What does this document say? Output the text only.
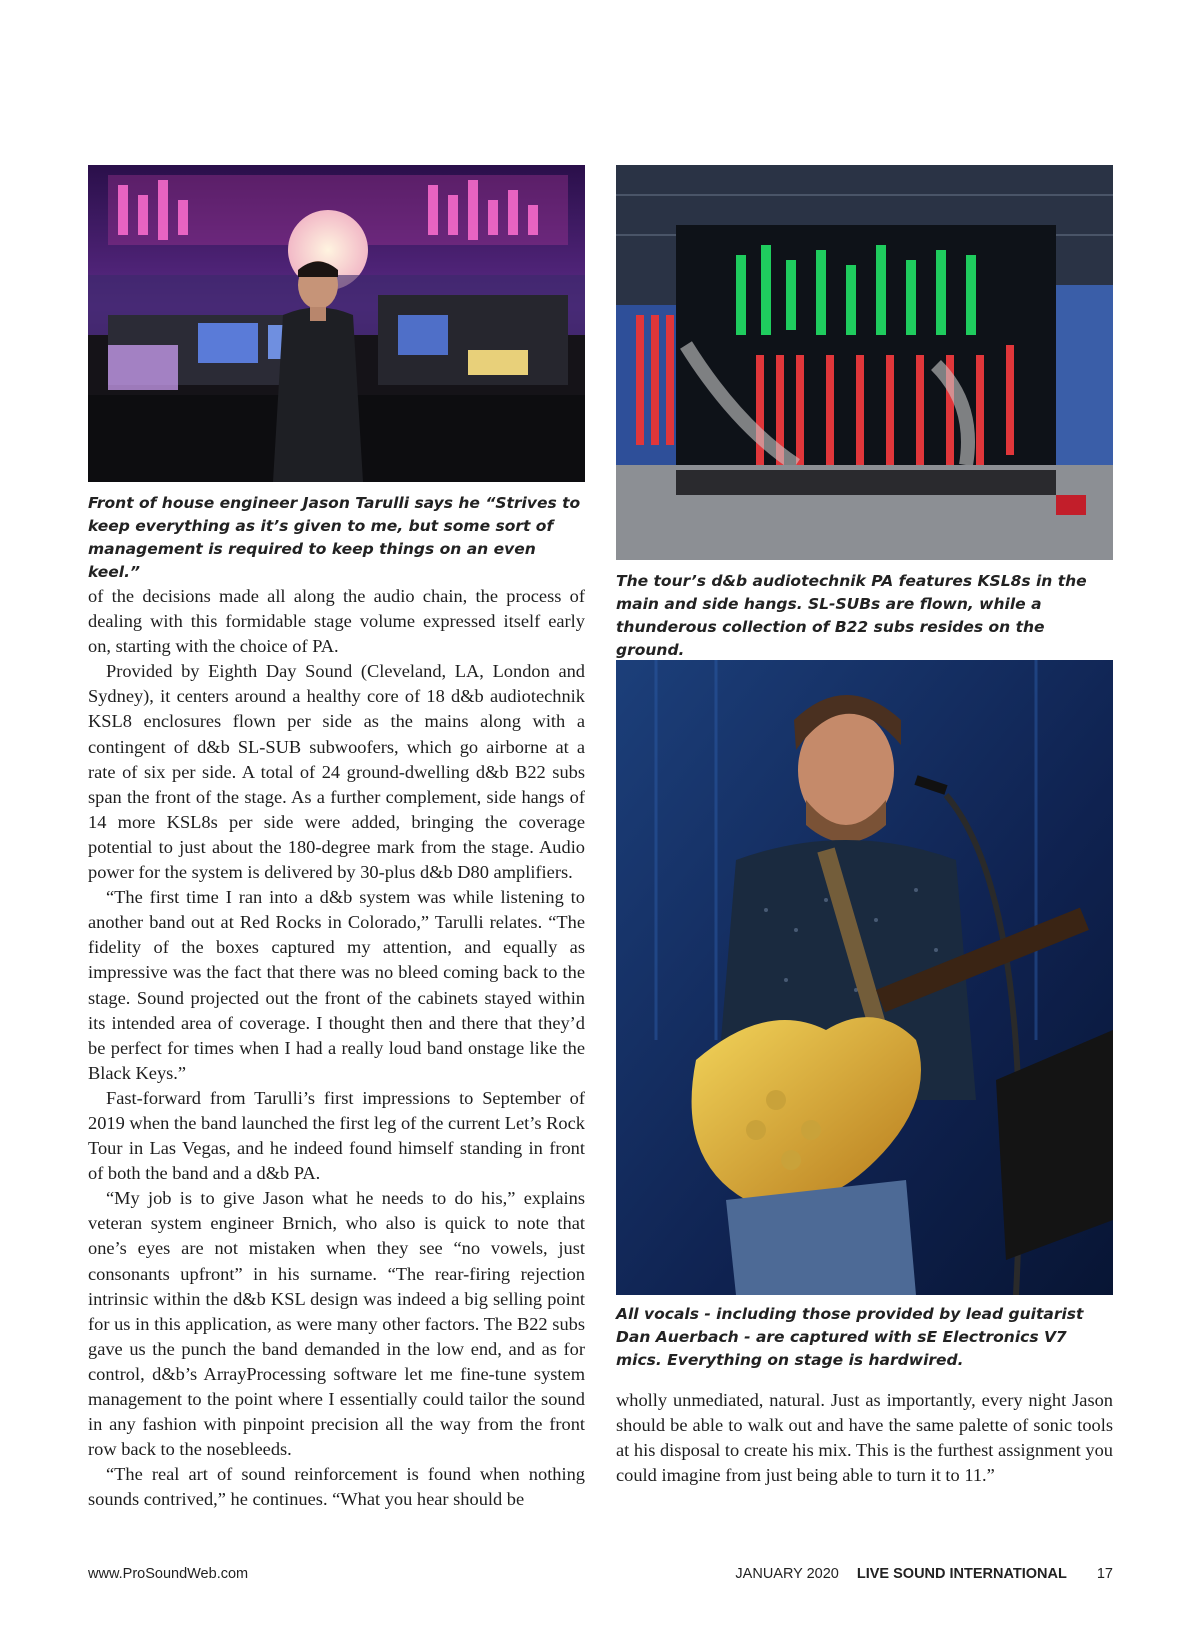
Front of house engineer Jason Tarulli says he “Strives to keep everything as it’s given to me, but some sort of management is required to keep things on an even keel.”	The tour’s d&b audiotechnik PA features KSL8s in the main and side hangs. SL-SUBs are flown, while a thunderous collection of B22 subs resides on the ground.

All vocals - including those provided by lead guitarist Dan Auerbach - are captured with sE Electronics V7 mics. Everything on stage is hardwired.

of the decisions made all along the audio chain, the process of dealing with this formidable stage volume expressed itself early on, starting with the choice of PA.

Provided by Eighth Day Sound (Cleveland, LA, London and Sydney), it centers around a healthy core of 18 d&b audiotechnik KSL8 enclosures flown per side as the mains along with a contingent of d&b SL-SUB subwoofers, which go airborne at a rate of six per side. A total of 24 ground-dwelling d&b B22 subs span the front of the stage. As a further complement, side hangs of 14 more KSL8s per side were added, bringing the coverage potential to just about the 180-degree mark from the stage. Audio power for the system is delivered by 30-plus d&b D80 amplifiers.

“The first time I ran into a d&b system was while listening to another band out at Red Rocks in Colorado,” Tarulli relates. “The fidelity of the boxes captured my attention, and equally as impressive was the fact that there was no bleed coming back to the stage. Sound projected out the front of the cabinets stayed within its intended area of coverage. I thought then and there that they’d be perfect for times when I had a really loud band onstage like the Black Keys.”

Fast-forward from Tarulli’s first impressions to September of 2019 when the band launched the first leg of the current Let’s Rock Tour in Las Vegas, and he indeed found himself standing in front of both the band and a d&b PA.

“My job is to give Jason what he needs to do his,” explains veteran system engineer Brnich, who also is quick to note that one’s eyes are not mistaken when they see “no vowels, just consonants upfront” in his surname. “The rear-firing rejection intrinsic within the d&b KSL design was indeed a big selling point for us in this application, as were many other factors. The B22 subs gave us the punch the band demanded in the low end, and as for control, d&b’s ArrayProcessing software let me fine-tune system management to the point where I essentially could tailor the sound in any fashion with pinpoint precision all the way from the front row back to the nosebleeds.

“The real art of sound reinforcement is found when nothing sounds contrived,” he continues. “What you hear should be

wholly unmediated, natural. Just as importantly, every night Jason should be able to walk out and have the same palette of sonic tools at his disposal to create his mix. This is the furthest assignment you could imagine from just being able to turn it to 11.”

www.ProSoundWeb.com	JANUARY 2020 LIVE SOUND INTERNATIONAL 17
